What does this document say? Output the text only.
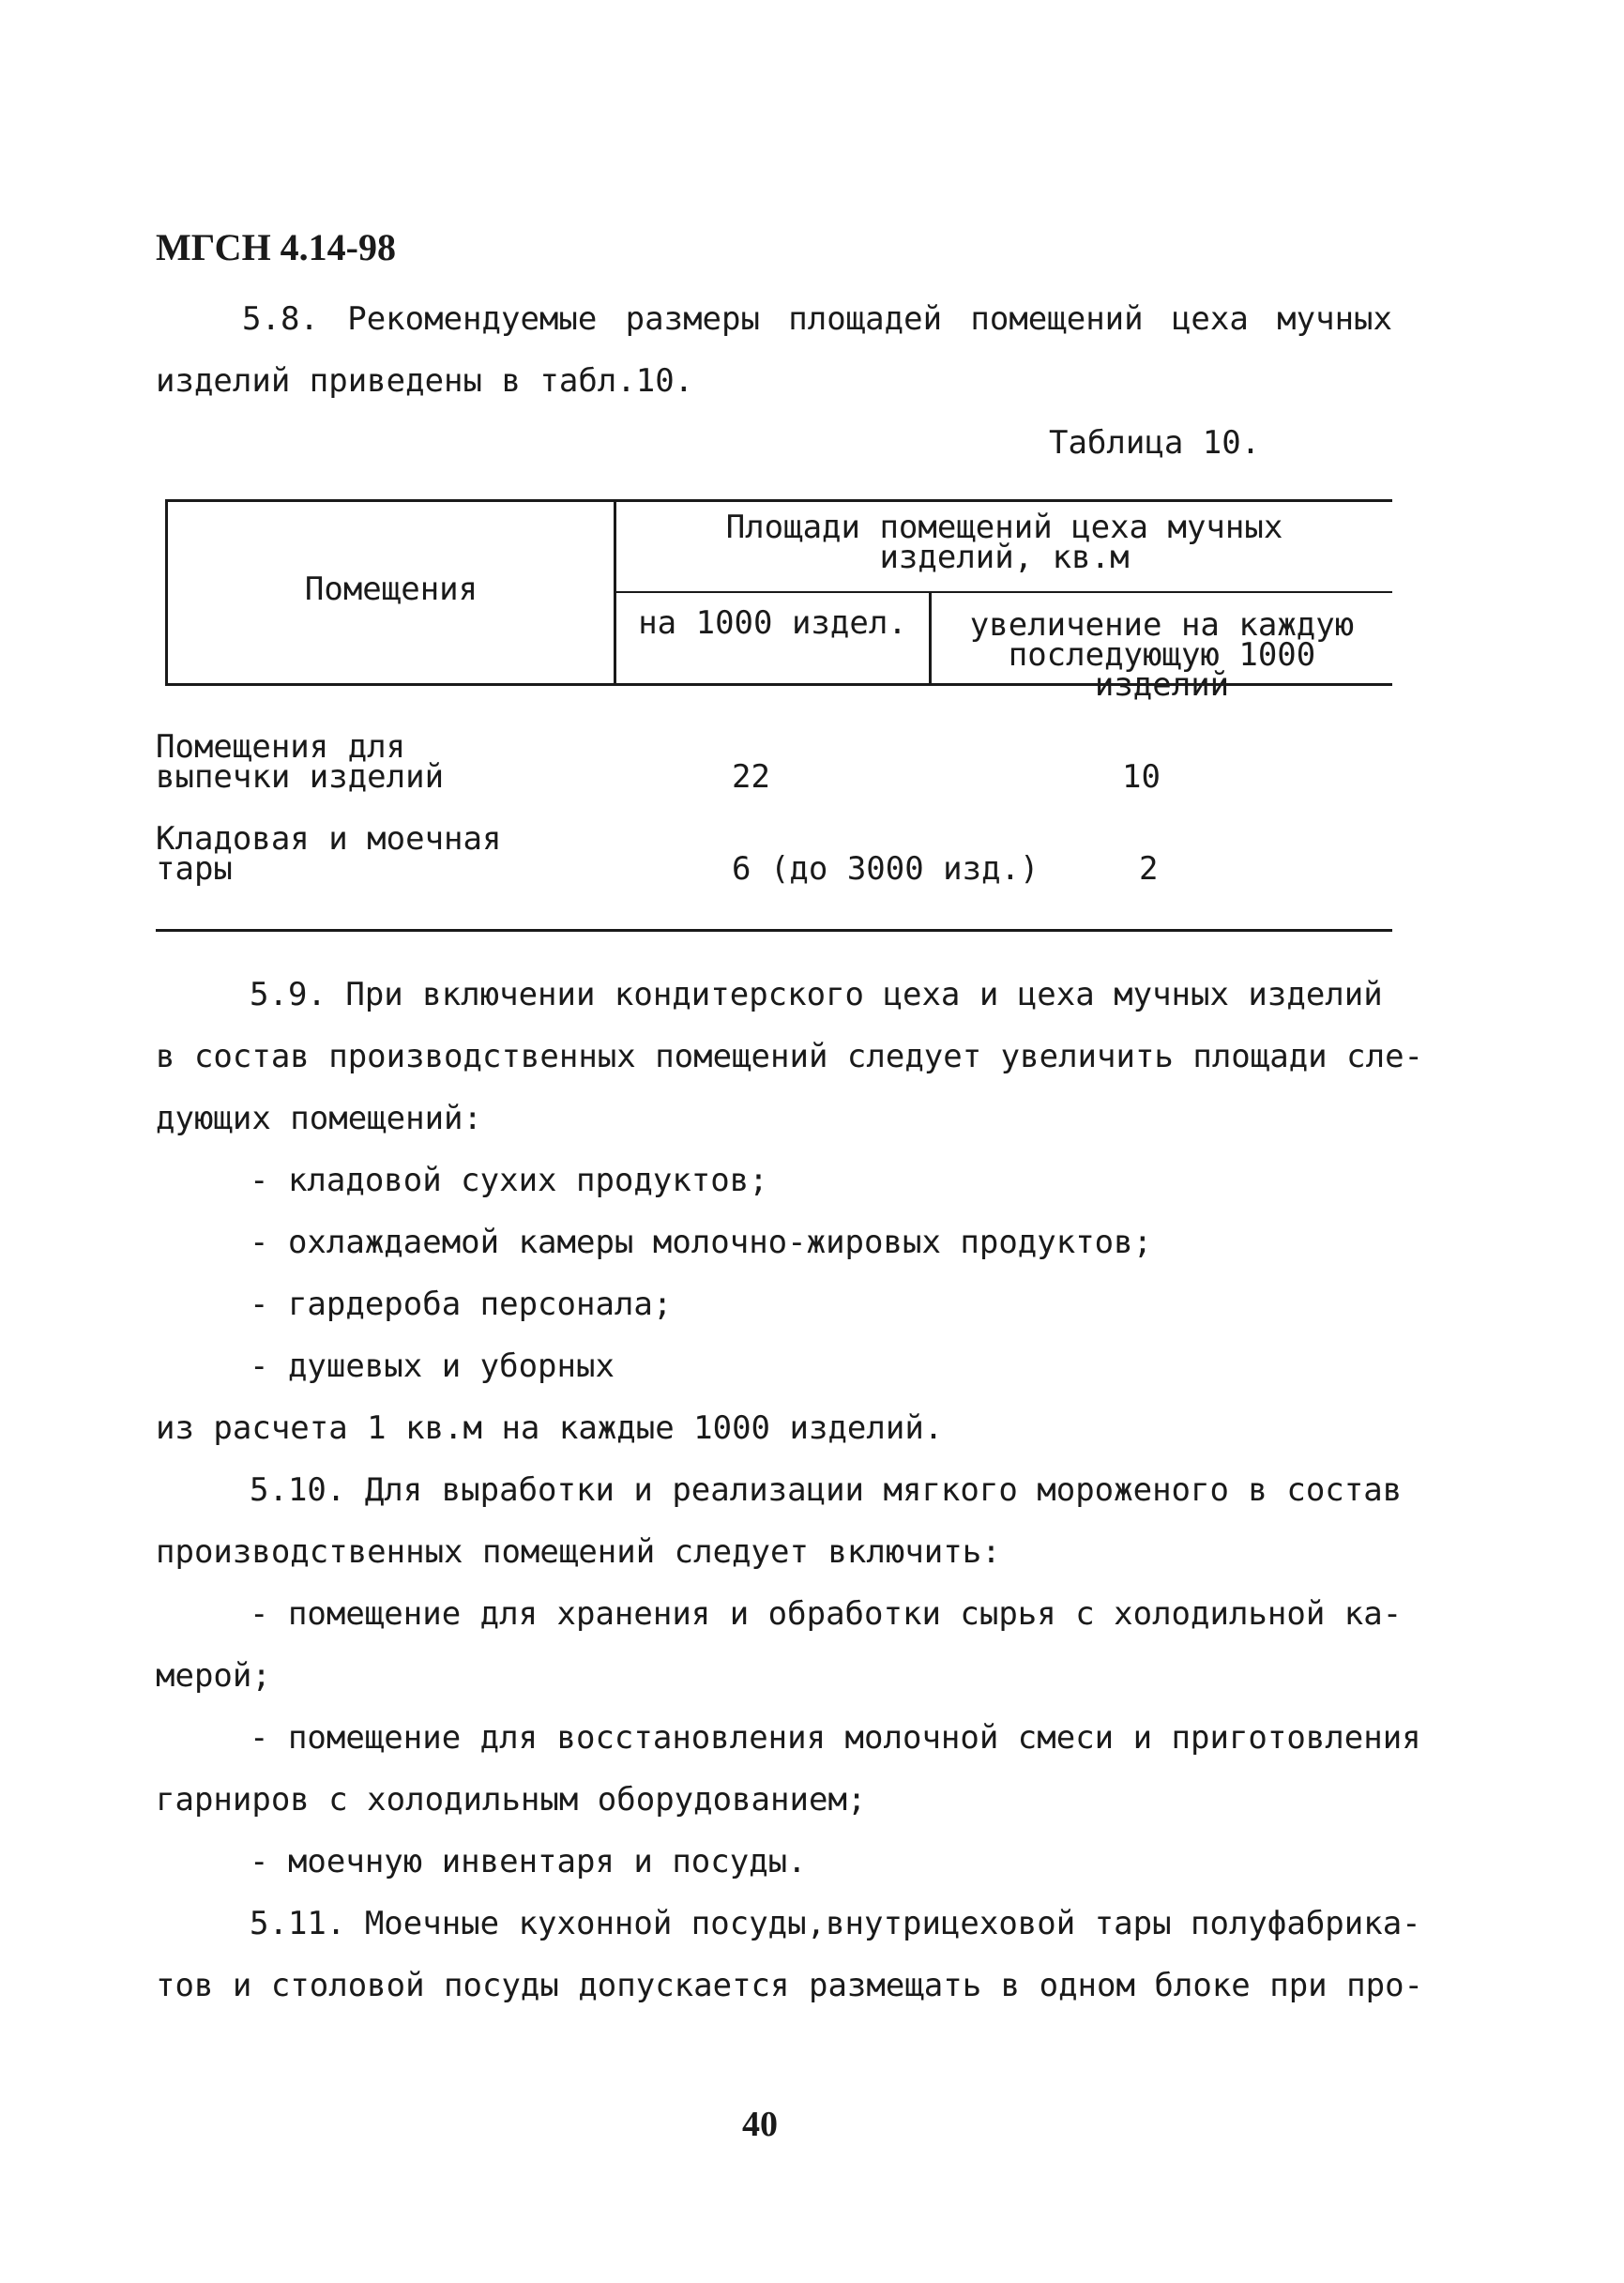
МГСН 4.14-98
5.8. Рекомендуемые размеры площадей помещений цеха мучных
изделий приведены в табл.10.
Таблица 10.
Помещения
Площади помещений цеха мучных
изделий, кв.м
на 1000 издел.	увеличение на каждую
последующую 1000 изделий
Помещения для
выпечки изделий	22	10
Кладовая и моечная
тары	6 (до 3000 изд.)	2
5.9. При включении кондитерского цеха и цеха мучных изделий
в состав производственных помещений следует увеличить площади сле-
дующих помещений:
- кладовой сухих продуктов;
- охлаждаемой камеры молочно-жировых продуктов;
- гардероба персонала;
- душевых и уборных
из расчета 1 кв.м на каждые 1000 изделий.
5.10. Для выработки и реализации мягкого мороженого в состав
производственных помещений следует включить:
- помещение для хранения и обработки сырья с холодильной ка-
мерой;
- помещение для восстановления молочной смеси и приготовления
гарниров с холодильным оборудованием;
- моечную инвентаря и посуды.
5.11. Моечные кухонной посуды,внутрицеховой тары полуфабрика-
тов и столовой посуды допускается размещать в одном блоке при про-
40
